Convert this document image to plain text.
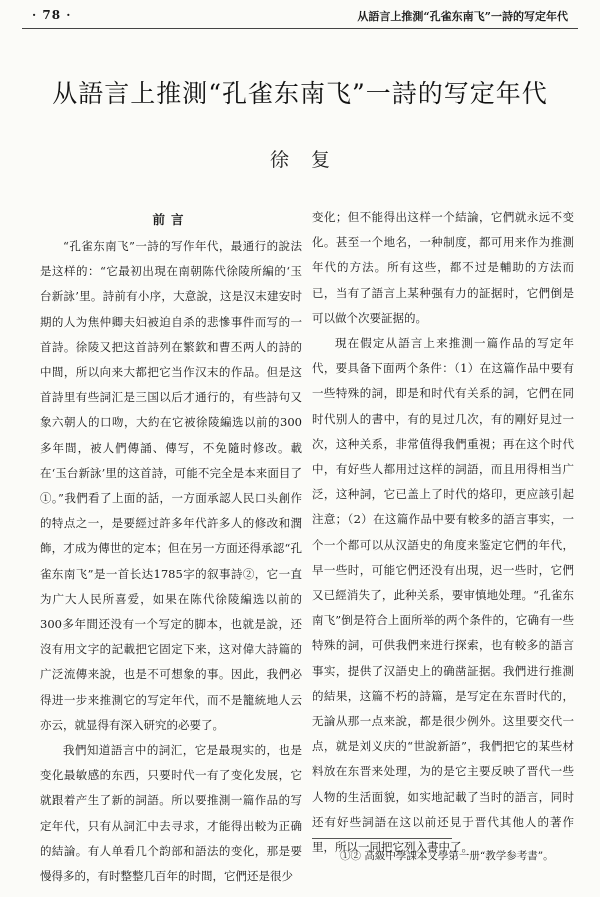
· 78 ·	从語言上推測“孔雀东南飞”一詩的写定年代
从語言上推測“孔雀东南飞”一詩的写定年代
徐复
前言

“孔雀东南飞”一詩的写作年代，最通行的說法是这样的：“它最初出現在南朝陈代徐陵所編的‘玉台新詠’里。詩前有小序，大意說，这是汉末建安时期的人为焦仲卿夫妇被迫自杀的悲慘事件而写的一首詩。徐陵又把这首詩列在繁欽和曹丕两人的詩的中間，所以向来大都把它当作汉末的作品。但是这首詩里有些詞汇是三国以后才通行的，有些詩句又象六朝人的口吻，大約在它被徐陵編选以前的300多年間，被人們傳誦、傳写，不免隨时修改。載在‘玉台新詠’里的这首詩，可能不完全是本来面目了①。”我們看了上面的話，一方面承認人民口头創作的特点之一，是要經过許多年代許多人的修改和潤飾，才成为傳世的定本；但在另一方面还得承認“孔雀东南飞”是一首长达1785字的叙事詩②，它一直为广大人民所喜爱，如果在陈代徐陵編选以前的300多年間还没有一个写定的脚本，也就是說，还沒有用文字的記載把它固定下来，这对偉大詩篇的广泛流傳来說，也是不可想象的事。因此，我們必得进一步来推測它的写定年代，而不是籠統地人云亦云，就显得有深入研究的必要了。

我們知道語言中的詞汇，它是最現实的，也是变化最敏感的东西，只要时代一有了变化发展，它就跟着产生了新的詞語。所以要推測一篇作品的写定年代，只有从詞汇中去寻求，才能得出較为正确的結論。有人单看几个韵部和語法的变化，那是要慢得多的，有时整整几百年的时間，它們还是很少

变化；但不能得出这样一个結論，它們就永远不变化。甚至一个地名，一种制度，都可用来作为推測年代的方法。所有这些，都不过是輔助的方法而已，当有了語言上某种强有力的証据时，它們倒是可以做个次要証据的。

現在假定从語言上来推測一篇作品的写定年代，要具备下面两个条件：（1）在这篇作品中要有一些特殊的詞，即是和时代有关系的詞，它們在同时代别人的書中，有的見过几次，有的剛好見过一次，这种关系，非常值得我們重視；再在这个时代中，有好些人都用过这样的詞語，而且用得相当广泛，这种詞，它已盖上了时代的烙印，更应該引起注意；（2）在这篇作品中要有較多的語言事实，一个一个都可以从汉語史的角度来鉴定它們的年代，早一些时，可能它們还没有出現，迟一些时，它們又已經消失了，此种关系，要审慎地处理。“孔雀东南飞”倒是符合上面所举的两个条件的，它确有一些特殊的詞，可供我們来进行探索，也有較多的語言事实，提供了汉語史上的确凿証据。我們进行推測的結果，这篇不朽的詩篇，是写定在东晋时代的，无論从那一点来說，都是很少例外。这里要交代一点，就是刘义庆的“世說新語”，我們把它的某些材料放在东晋来处理，为的是它主要反映了晋代一些人物的生活面貌，如实地記載了当时的語言，同时还有好些詞語在这以前还見于晋代其他人的著作里，所以一同把它列入書中了。

①② 高級中學課本文學第一册“教学参考書”。
